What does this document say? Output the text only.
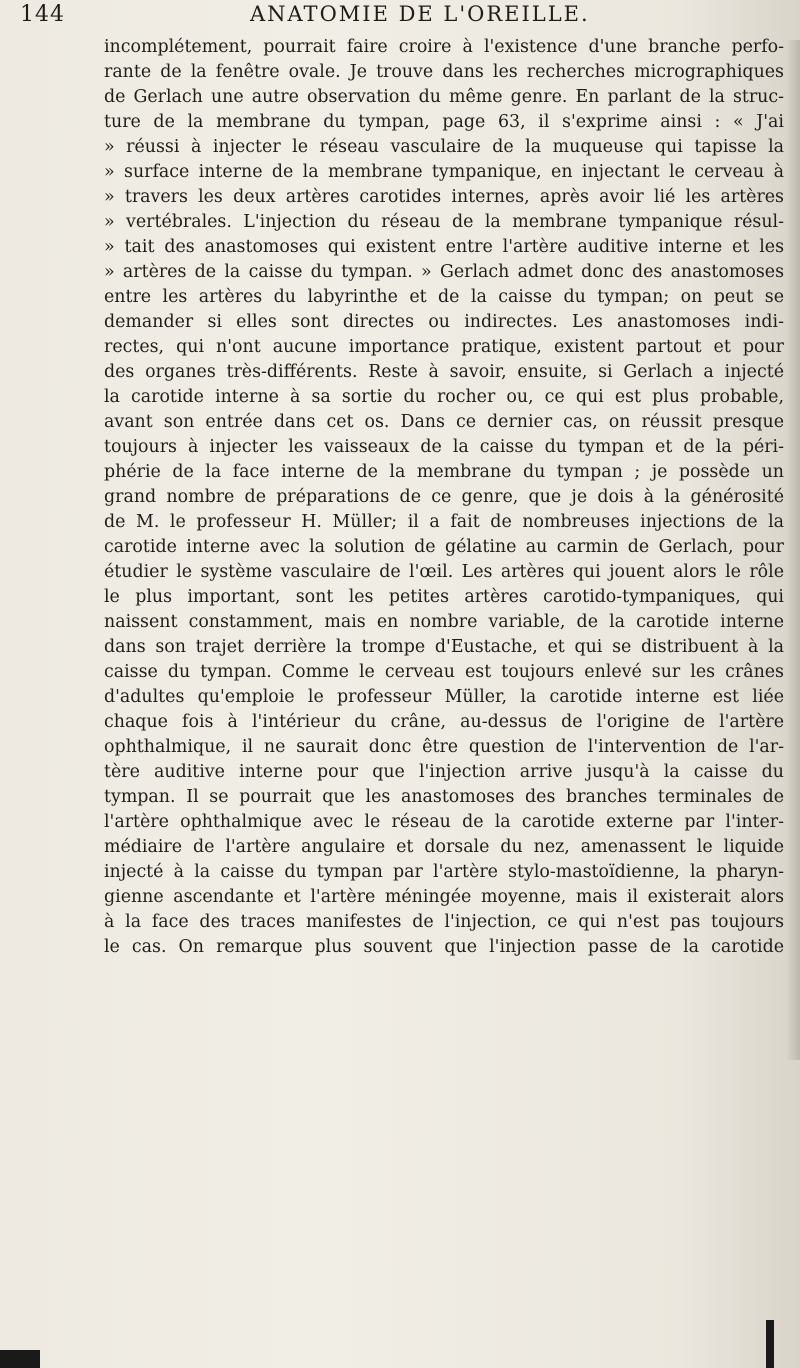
144	ANATOMIE DE L'OREILLE.
incomplétement, pourrait faire croire à l'existence d'une branche perfo-
rante de la fenêtre ovale. Je trouve dans les recherches micrographiques
de Gerlach une autre observation du même genre. En parlant de la struc-
ture de la membrane du tympan, page 63, il s'exprime ainsi : « J'ai
» réussi à injecter le réseau vasculaire de la muqueuse qui tapisse la
» surface interne de la membrane tympanique, en injectant le cerveau à
» travers les deux artères carotides internes, après avoir lié les artères
» vertébrales. L'injection du réseau de la membrane tympanique résul-
» tait des anastomoses qui existent entre l'artère auditive interne et les
» artères de la caisse du tympan. » Gerlach admet donc des anastomoses
entre les artères du labyrinthe et de la caisse du tympan; on peut se
demander si elles sont directes ou indirectes. Les anastomoses indi-
rectes, qui n'ont aucune importance pratique, existent partout et pour
des organes très-différents. Reste à savoir, ensuite, si Gerlach a injecté
la carotide interne à sa sortie du rocher ou, ce qui est plus probable,
avant son entrée dans cet os. Dans ce dernier cas, on réussit presque
toujours à injecter les vaisseaux de la caisse du tympan et de la péri-
phérie de la face interne de la membrane du tympan ; je possède un
grand nombre de préparations de ce genre, que je dois à la générosité
de M. le professeur H. Müller; il a fait de nombreuses injections de la
carotide interne avec la solution de gélatine au carmin de Gerlach, pour
étudier le système vasculaire de l'œil. Les artères qui jouent alors le rôle
le plus important, sont les petites artères carotido-tympaniques, qui
naissent constamment, mais en nombre variable, de la carotide interne
dans son trajet derrière la trompe d'Eustache, et qui se distribuent à la
caisse du tympan. Comme le cerveau est toujours enlevé sur les crânes
d'adultes qu'emploie le professeur Müller, la carotide interne est liée
chaque fois à l'intérieur du crâne, au-dessus de l'origine de l'artère
ophthalmique, il ne saurait donc être question de l'intervention de l'ar-
tère auditive interne pour que l'injection arrive jusqu'à la caisse du
tympan. Il se pourrait que les anastomoses des branches terminales de
l'artère ophthalmique avec le réseau de la carotide externe par l'inter-
médiaire de l'artère angulaire et dorsale du nez, amenassent le liquide
injecté à la caisse du tympan par l'artère stylo-mastoïdienne, la pharyn-
gienne ascendante et l'artère méningée moyenne, mais il existerait alors
à la face des traces manifestes de l'injection, ce qui n'est pas toujours
le cas. On remarque plus souvent que l'injection passe de la carotide
